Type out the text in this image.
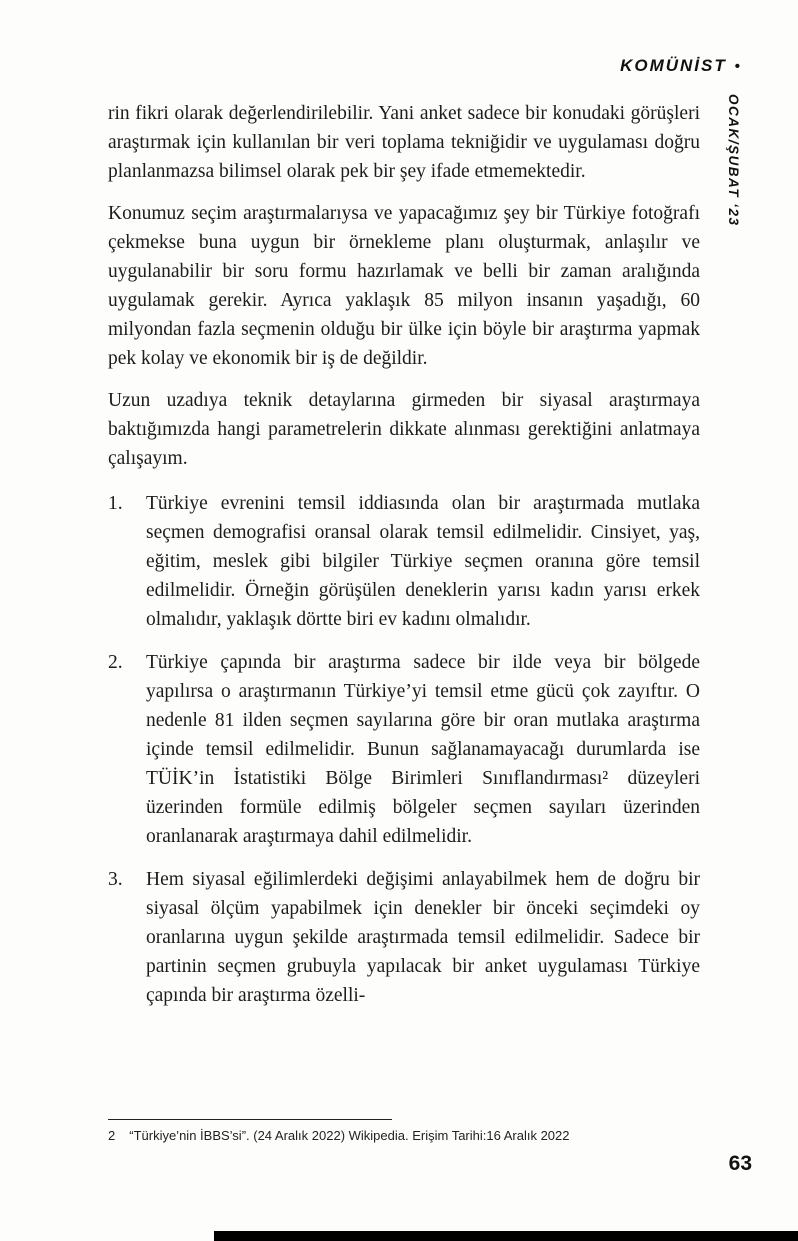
KOMÜNİST •
OCAK/ŞUBAT ‘23

rin fikri olarak değerlendirilebilir. Yani anket sadece bir konudaki görüşleri araştırmak için kullanılan bir veri toplama tekniğidir ve uygulaması doğru planlanmazsa bilimsel olarak pek bir şey ifade etmemektedir.

Konumuz seçim araştırmalarıysa ve yapacağımız şey bir Türkiye fotoğrafı çekmekse buna uygun bir örnekleme planı oluşturmak, anlaşılır ve uygulanabilir bir soru formu hazırlamak ve belli bir zaman aralığında uygulamak gerekir. Ayrıca yaklaşık 85 milyon insanın yaşadığı, 60 milyondan fazla seçmenin olduğu bir ülke için böyle bir araştırma yapmak pek kolay ve ekonomik bir iş de değildir.

Uzun uzadıya teknik detaylarına girmeden bir siyasal araştırmaya baktığımızda hangi parametrelerin dikkate alınması gerektiğini anlatmaya çalışayım.

1. Türkiye evrenini temsil iddiasında olan bir araştırmada mutlaka seçmen demografisi oransal olarak temsil edilmelidir. Cinsiyet, yaş, eğitim, meslek gibi bilgiler Türkiye seçmen oranına göre temsil edilmelidir. Örneğin görüşülen deneklerin yarısı kadın yarısı erkek olmalıdır, yaklaşık dörtte biri ev kadını olmalıdır.
2. Türkiye çapında bir araştırma sadece bir ilde veya bir bölgede yapılırsa o araştırmanın Türkiye’yi temsil etme gücü çok zayıftır. O nedenle 81 ilden seçmen sayılarına göre bir oran mutlaka araştırma içinde temsil edilmelidir. Bunun sağlanamayacağı durumlarda ise TÜİK’in İstatistiki Bölge Birimleri Sınıflandırması² düzeyleri üzerinden formüle edilmiş bölgeler seçmen sayıları üzerinden oranlanarak araştırmaya dahil edilmelidir.
3. Hem siyasal eğilimlerdeki değişimi anlayabilmek hem de doğru bir siyasal ölçüm yapabilmek için denekler bir önceki seçimdeki oy oranlarına uygun şekilde araştırmada temsil edilmelidir. Sadece bir partinin seçmen grubuyla yapılacak bir anket uygulaması Türkiye çapında bir araştırma özelli-
2 “Türkiye’nin İBBS’si”. (24 Aralık 2022) Wikipedia. Erişim Tarihi:16 Aralık 2022
63
